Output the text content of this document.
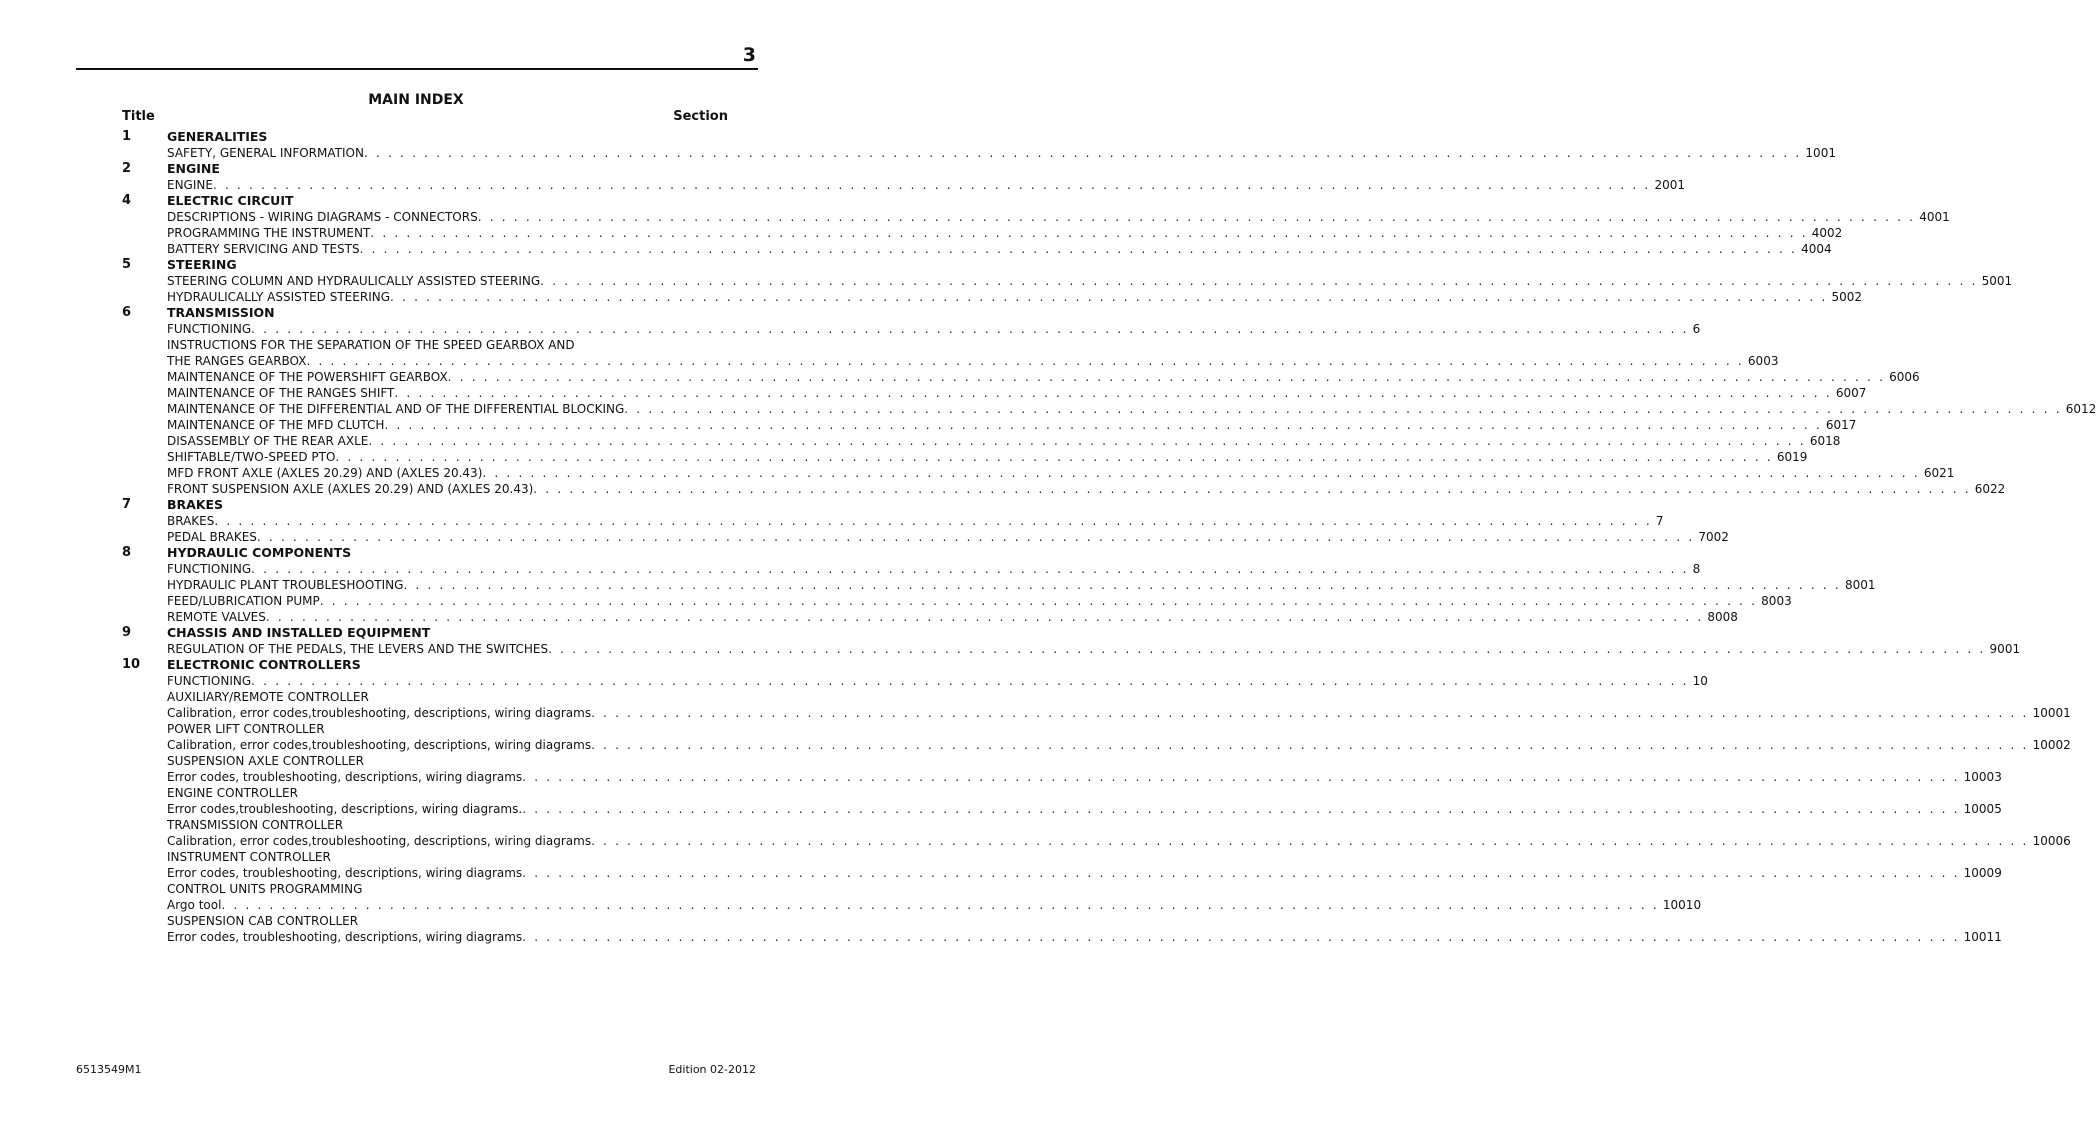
3
MAIN INDEX
Title	Section
1	GENERALITIES
SAFETY, GENERAL INFORMATION . . . . . . . . . . . . . . . . . . . . . . . . . . . . . . . . . . . . . . . . . . . . . . . . . . . . . . . . . . . . . . . . . . . . . . . . . . . . . . . . . . . . . . . . . . . . . . . . . . . . . . . . . . . . . . . . . . . . . . . . 1001
2	ENGINE
ENGINE . . . . . . . . . . . . . . . . . . . . . . . . . . . . . . . . . . . . . . . . . . . . . . . . . . . . . . . . . . . . . . . . . . . . . . . . . . . . . . . . . . . . . . . . . . . . . . . . . . . . . . . . . . . . . . . . . . . . . . . . 2001
4	ELECTRIC CIRCUIT
DESCRIPTIONS - WIRING DIAGRAMS - CONNECTORS . . . . . . . . . . . . . . . . . . . . . . . . . . . . . . . . . . . . . . . . . . . . . . . . . . . . . . . . . . . . . . . . . . . . . . . . . . . . . . . . . . . . . . . . . . . . . . . . . . . . . . . . . . . . . . . . . . . . . . . . 4001
PROGRAMMING THE INSTRUMENT . . . . . . . . . . . . . . . . . . . . . . . . . . . . . . . . . . . . . . . . . . . . . . . . . . . . . . . . . . . . . . . . . . . . . . . . . . . . . . . . . . . . . . . . . . . . . . . . . . . . . . . . . . . . . . . . . . . . . . . . 4002
BATTERY SERVICING AND TESTS . . . . . . . . . . . . . . . . . . . . . . . . . . . . . . . . . . . . . . . . . . . . . . . . . . . . . . . . . . . . . . . . . . . . . . . . . . . . . . . . . . . . . . . . . . . . . . . . . . . . . . . . . . . . . . . . . . . . . . . . 4004
5	STEERING
STEERING COLUMN AND HYDRAULICALLY ASSISTED STEERING . . . . . . . . . . . . . . . . . . . . . . . . . . . . . . . . . . . . . . . . . . . . . . . . . . . . . . . . . . . . . . . . . . . . . . . . . . . . . . . . . . . . . . . . . . . . . . . . . . . . . . . . . . . . . . . . . . . . . . . . 5001
HYDRAULICALLY ASSISTED STEERING . . . . . . . . . . . . . . . . . . . . . . . . . . . . . . . . . . . . . . . . . . . . . . . . . . . . . . . . . . . . . . . . . . . . . . . . . . . . . . . . . . . . . . . . . . . . . . . . . . . . . . . . . . . . . . . . . . . . . . . . 5002
6	TRANSMISSION
FUNCTIONING . . . . . . . . . . . . . . . . . . . . . . . . . . . . . . . . . . . . . . . . . . . . . . . . . . . . . . . . . . . . . . . . . . . . . . . . . . . . . . . . . . . . . . . . . . . . . . . . . . . . . . . . . . . . . . . . . . . . . . . . 6
INSTRUCTIONS FOR THE SEPARATION OF THE SPEED GEARBOX AND
THE RANGES GEARBOX . . . . . . . . . . . . . . . . . . . . . . . . . . . . . . . . . . . . . . . . . . . . . . . . . . . . . . . . . . . . . . . . . . . . . . . . . . . . . . . . . . . . . . . . . . . . . . . . . . . . . . . . . . . . . . . . . . . . . . . . 6003
MAINTENANCE OF THE POWERSHIFT GEARBOX . . . . . . . . . . . . . . . . . . . . . . . . . . . . . . . . . . . . . . . . . . . . . . . . . . . . . . . . . . . . . . . . . . . . . . . . . . . . . . . . . . . . . . . . . . . . . . . . . . . . . . . . . . . . . . . . . . . . . . . . 6006
MAINTENANCE OF THE RANGES SHIFT . . . . . . . . . . . . . . . . . . . . . . . . . . . . . . . . . . . . . . . . . . . . . . . . . . . . . . . . . . . . . . . . . . . . . . . . . . . . . . . . . . . . . . . . . . . . . . . . . . . . . . . . . . . . . . . . . . . . . . . . 6007
MAINTENANCE OF THE DIFFERENTIAL AND OF THE DIFFERENTIAL BLOCKING . . . . . . . . . . . . . . . . . . . . . . . . . . . . . . . . . . . . . . . . . . . . . . . . . . . . . . . . . . . . . . . . . . . . . . . . . . . . . . . . . . . . . . . . . . . . . . . . . . . . . . . . . . . . . . . . . . . . . . . . 6012
MAINTENANCE OF THE MFD CLUTCH . . . . . . . . . . . . . . . . . . . . . . . . . . . . . . . . . . . . . . . . . . . . . . . . . . . . . . . . . . . . . . . . . . . . . . . . . . . . . . . . . . . . . . . . . . . . . . . . . . . . . . . . . . . . . . . . . . . . . . . . 6017
DISASSEMBLY OF THE REAR AXLE . . . . . . . . . . . . . . . . . . . . . . . . . . . . . . . . . . . . . . . . . . . . . . . . . . . . . . . . . . . . . . . . . . . . . . . . . . . . . . . . . . . . . . . . . . . . . . . . . . . . . . . . . . . . . . . . . . . . . . . . 6018
SHIFTABLE/TWO-SPEED PTO . . . . . . . . . . . . . . . . . . . . . . . . . . . . . . . . . . . . . . . . . . . . . . . . . . . . . . . . . . . . . . . . . . . . . . . . . . . . . . . . . . . . . . . . . . . . . . . . . . . . . . . . . . . . . . . . . . . . . . . . 6019
MFD FRONT AXLE (AXLES 20.29) AND (AXLES 20.43) . . . . . . . . . . . . . . . . . . . . . . . . . . . . . . . . . . . . . . . . . . . . . . . . . . . . . . . . . . . . . . . . . . . . . . . . . . . . . . . . . . . . . . . . . . . . . . . . . . . . . . . . . . . . . . . . . . . . . . . . 6021
FRONT SUSPENSION AXLE (AXLES 20.29) AND (AXLES 20.43) . . . . . . . . . . . . . . . . . . . . . . . . . . . . . . . . . . . . . . . . . . . . . . . . . . . . . . . . . . . . . . . . . . . . . . . . . . . . . . . . . . . . . . . . . . . . . . . . . . . . . . . . . . . . . . . . . . . . . . . . 6022
7	BRAKES
BRAKES . . . . . . . . . . . . . . . . . . . . . . . . . . . . . . . . . . . . . . . . . . . . . . . . . . . . . . . . . . . . . . . . . . . . . . . . . . . . . . . . . . . . . . . . . . . . . . . . . . . . . . . . . . . . . . . . . . . . . . . . 7
PEDAL BRAKES . . . . . . . . . . . . . . . . . . . . . . . . . . . . . . . . . . . . . . . . . . . . . . . . . . . . . . . . . . . . . . . . . . . . . . . . . . . . . . . . . . . . . . . . . . . . . . . . . . . . . . . . . . . . . . . . . . . . . . . . 7002
8	HYDRAULIC COMPONENTS
FUNCTIONING . . . . . . . . . . . . . . . . . . . . . . . . . . . . . . . . . . . . . . . . . . . . . . . . . . . . . . . . . . . . . . . . . . . . . . . . . . . . . . . . . . . . . . . . . . . . . . . . . . . . . . . . . . . . . . . . . . . . . . . . 8
HYDRAULIC PLANT TROUBLESHOOTING . . . . . . . . . . . . . . . . . . . . . . . . . . . . . . . . . . . . . . . . . . . . . . . . . . . . . . . . . . . . . . . . . . . . . . . . . . . . . . . . . . . . . . . . . . . . . . . . . . . . . . . . . . . . . . . . . . . . . . . . 8001
FEED/LUBRICATION PUMP . . . . . . . . . . . . . . . . . . . . . . . . . . . . . . . . . . . . . . . . . . . . . . . . . . . . . . . . . . . . . . . . . . . . . . . . . . . . . . . . . . . . . . . . . . . . . . . . . . . . . . . . . . . . . . . . . . . . . . . . 8003
REMOTE VALVES . . . . . . . . . . . . . . . . . . . . . . . . . . . . . . . . . . . . . . . . . . . . . . . . . . . . . . . . . . . . . . . . . . . . . . . . . . . . . . . . . . . . . . . . . . . . . . . . . . . . . . . . . . . . . . . . . . . . . . . . 8008
9	CHASSIS AND INSTALLED EQUIPMENT
REGULATION OF THE PEDALS, THE LEVERS AND THE SWITCHES . . . . . . . . . . . . . . . . . . . . . . . . . . . . . . . . . . . . . . . . . . . . . . . . . . . . . . . . . . . . . . . . . . . . . . . . . . . . . . . . . . . . . . . . . . . . . . . . . . . . . . . . . . . . . . . . . . . . . . . . 9001
10 ELECTRONIC CONTROLLERS
FUNCTIONING . . . . . . . . . . . . . . . . . . . . . . . . . . . . . . . . . . . . . . . . . . . . . . . . . . . . . . . . . . . . . . . . . . . . . . . . . . . . . . . . . . . . . . . . . . . . . . . . . . . . . . . . . . . . . . . . . . . . . . . . 10
AUXILIARY/REMOTE CONTROLLER
Calibration, error codes,troubleshooting, descriptions, wiring diagrams . . . . . . . . . . . . . . . . . . . . . . . . . . . . . . . . . . . . . . . . . . . . . . . . . . . . . . . . . . . . . . . . . . . . . . . . . . . . . . . . . . . . . . . . . . . . . . . . . . . . . . . . . . . . . . . . . . . . . . . . 10001
POWER LIFT CONTROLLER
Calibration, error codes,troubleshooting, descriptions, wiring diagrams . . . . . . . . . . . . . . . . . . . . . . . . . . . . . . . . . . . . . . . . . . . . . . . . . . . . . . . . . . . . . . . . . . . . . . . . . . . . . . . . . . . . . . . . . . . . . . . . . . . . . . . . . . . . . . . . . . . . . . . . 10002
SUSPENSION AXLE CONTROLLER
Error codes, troubleshooting, descriptions, wiring diagrams . . . . . . . . . . . . . . . . . . . . . . . . . . . . . . . . . . . . . . . . . . . . . . . . . . . . . . . . . . . . . . . . . . . . . . . . . . . . . . . . . . . . . . . . . . . . . . . . . . . . . . . . . . . . . . . . . . . . . . . . 10003
ENGINE CONTROLLER
Error codes,troubleshooting, descriptions, wiring diagrams. . . . . . . . . . . . . . . . . . . . . . . . . . . . . . . . . . . . . . . . . . . . . . . . . . . . . . . . . . . . . . . . . . . . . . . . . . . . . . . . . . . . . . . . . . . . . . . . . . . . . . . . . . . . . . . . . . . . . . . . . 10005
TRANSMISSION CONTROLLER
Calibration, error codes,troubleshooting, descriptions, wiring diagrams . . . . . . . . . . . . . . . . . . . . . . . . . . . . . . . . . . . . . . . . . . . . . . . . . . . . . . . . . . . . . . . . . . . . . . . . . . . . . . . . . . . . . . . . . . . . . . . . . . . . . . . . . . . . . . . . . . . . . . . . 10006
INSTRUMENT CONTROLLER
Error codes, troubleshooting, descriptions, wiring diagrams . . . . . . . . . . . . . . . . . . . . . . . . . . . . . . . . . . . . . . . . . . . . . . . . . . . . . . . . . . . . . . . . . . . . . . . . . . . . . . . . . . . . . . . . . . . . . . . . . . . . . . . . . . . . . . . . . . . . . . . . 10009
CONTROL UNITS PROGRAMMING
Argo tool . . . . . . . . . . . . . . . . . . . . . . . . . . . . . . . . . . . . . . . . . . . . . . . . . . . . . . . . . . . . . . . . . . . . . . . . . . . . . . . . . . . . . . . . . . . . . . . . . . . . . . . . . . . . . . . . . . . . . . . . 10010
SUSPENSION CAB CONTROLLER
Error codes, troubleshooting, descriptions, wiring diagrams . . . . . . . . . . . . . . . . . . . . . . . . . . . . . . . . . . . . . . . . . . . . . . . . . . . . . . . . . . . . . . . . . . . . . . . . . . . . . . . . . . . . . . . . . . . . . . . . . . . . . . . . . . . . . . . . . . . . . . . . 10011
6513549M1	Edition 02-2012
